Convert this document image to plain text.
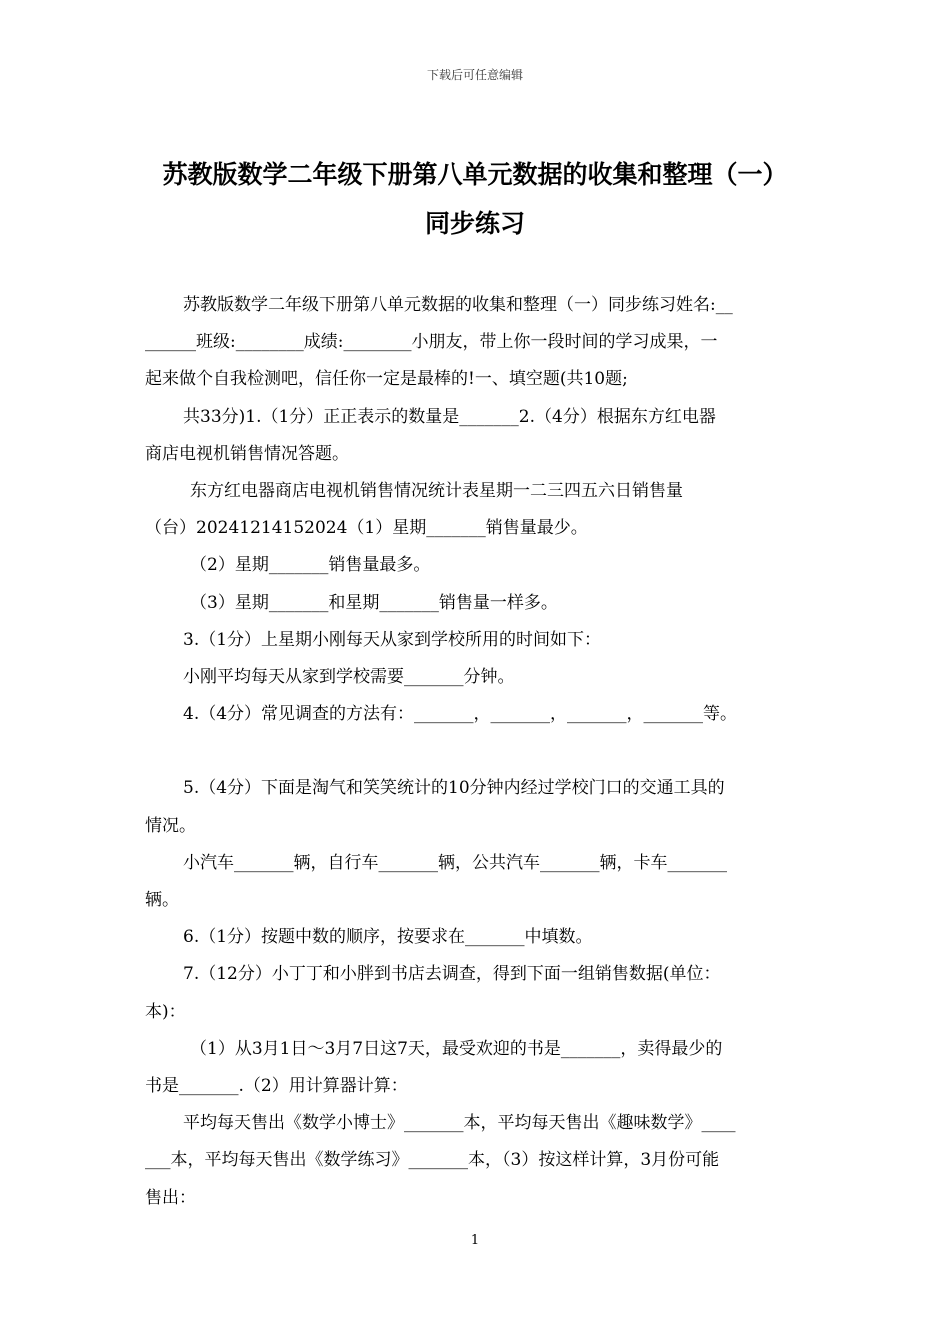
下载后可任意编辑
苏教版数学二年级下册第八单元数据的收集和整理（一）
同步练习
苏教版数学二年级下册第八单元数据的收集和整理（一）同步练习姓名:__
______班级:________成绩:________小朋友，带上你一段时间的学习成果，一
起来做个自我检测吧，信任你一定是最棒的!一、填空题(共10题;
共33分)1.（1分）正正表示的数量是_______2.（4分）根据东方红电器
商店电视机销售情况答题。
东方红电器商店电视机销售情况统计表星期一二三四五六日销售量
（台）20241214152024（1）星期_______销售量最少。
（2）星期_______销售量最多。
（3）星期_______和星期_______销售量一样多。
3.（1分）上星期小刚每天从家到学校所用的时间如下：
小刚平均每天从家到学校需要_______分钟。
4.（4分）常见调查的方法有：_______，_______，_______，_______等。
5.（4分）下面是淘气和笑笑统计的10分钟内经过学校门口的交通工具的
情况。
小汽车_______辆，自行车_______辆，公共汽车_______辆，卡车_______
辆。
6.（1分）按题中数的顺序，按要求在_______中填数。
7.（12分）小丁丁和小胖到书店去调查，得到下面一组销售数据(单位：
本)：
（1）从3月1日～3月7日这7天，最受欢迎的书是_______，卖得最少的
书是_______.（2）用计算器计算：
平均每天售出《数学小博士》_______本，平均每天售出《趣味数学》____
___本，平均每天售出《数学练习》_______本，（3）按这样计算，3月份可能
售出：
1
